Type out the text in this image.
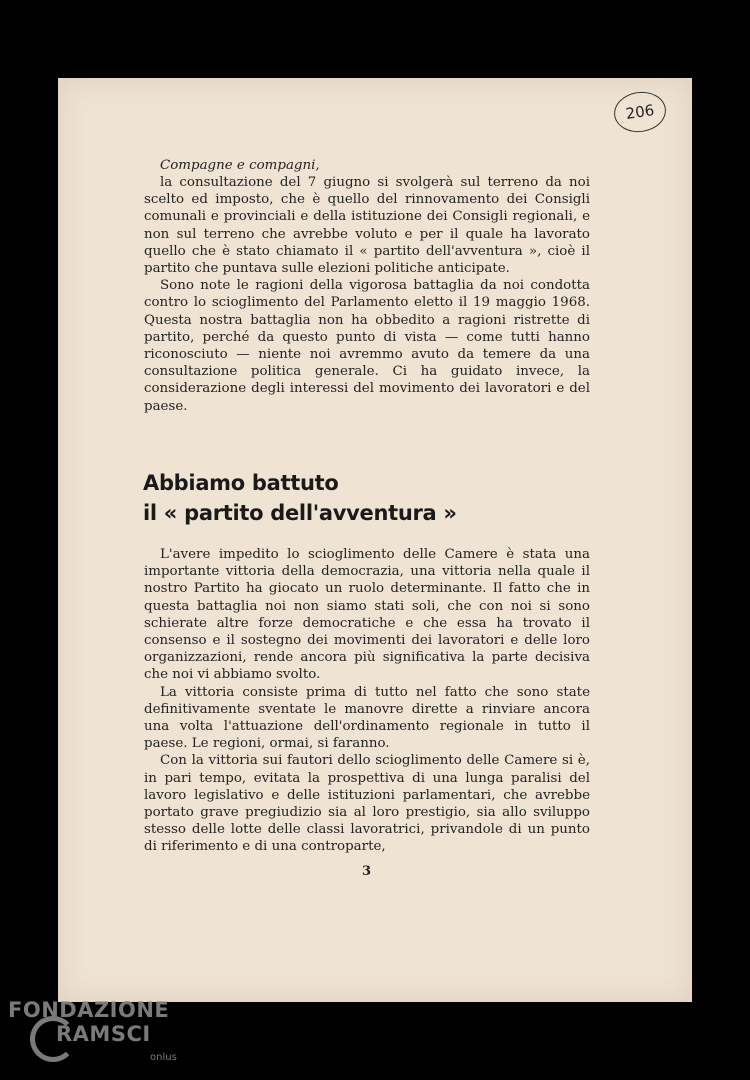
206
Compagne e compagni,

la consultazione del 7 giugno si svolgerà sul terreno da noi scelto ed imposto, che è quello del rinnovamento dei Consigli comunali e provinciali e della istituzione dei Consigli regionali, e non sul terreno che avrebbe voluto e per il quale ha lavorato quello che è stato chiamato il « partito dell'avventura », cioè il partito che puntava sulle elezioni politiche anticipate.

Sono note le ragioni della vigorosa battaglia da noi condotta contro lo scioglimento del Parlamento eletto il 19 maggio 1968. Questa nostra battaglia non ha obbedito a ragioni ristrette di partito, perché da questo punto di vista — come tutti hanno riconosciuto — niente noi avremmo avuto da temere da una consultazione politica generale. Ci ha guidato invece, la considerazione degli interessi del movimento dei lavoratori e del paese.

Abbiamo battuto
il « partito dell'avventura »

L'avere impedito lo scioglimento delle Camere è stata una importante vittoria della democrazia, una vittoria nella quale il nostro Partito ha giocato un ruolo determinante. Il fatto che in questa battaglia noi non siamo stati soli, che con noi si sono schierate altre forze democratiche e che essa ha trovato il consenso e il sostegno dei movimenti dei lavoratori e delle loro organizzazioni, rende ancora più significativa la parte decisiva che noi vi abbiamo svolto.

La vittoria consiste prima di tutto nel fatto che sono state definitivamente sventate le manovre dirette a rinviare ancora una volta l'attuazione dell'ordinamento regionale in tutto il paese. Le regioni, ormai, si faranno.

Con la vittoria sui fautori dello scioglimento delle Camere si è, in pari tempo, evitata la prospettiva di una lunga paralisi del lavoro legislativo e delle istituzioni parlamentari, che avrebbe portato grave pregiudizio sia al loro prestigio, sia allo sviluppo stesso delle lotte delle classi lavoratrici, privandole di un punto di riferimento e di una controparte,

3
FONDAZIONE
RAMSCI
onlus
